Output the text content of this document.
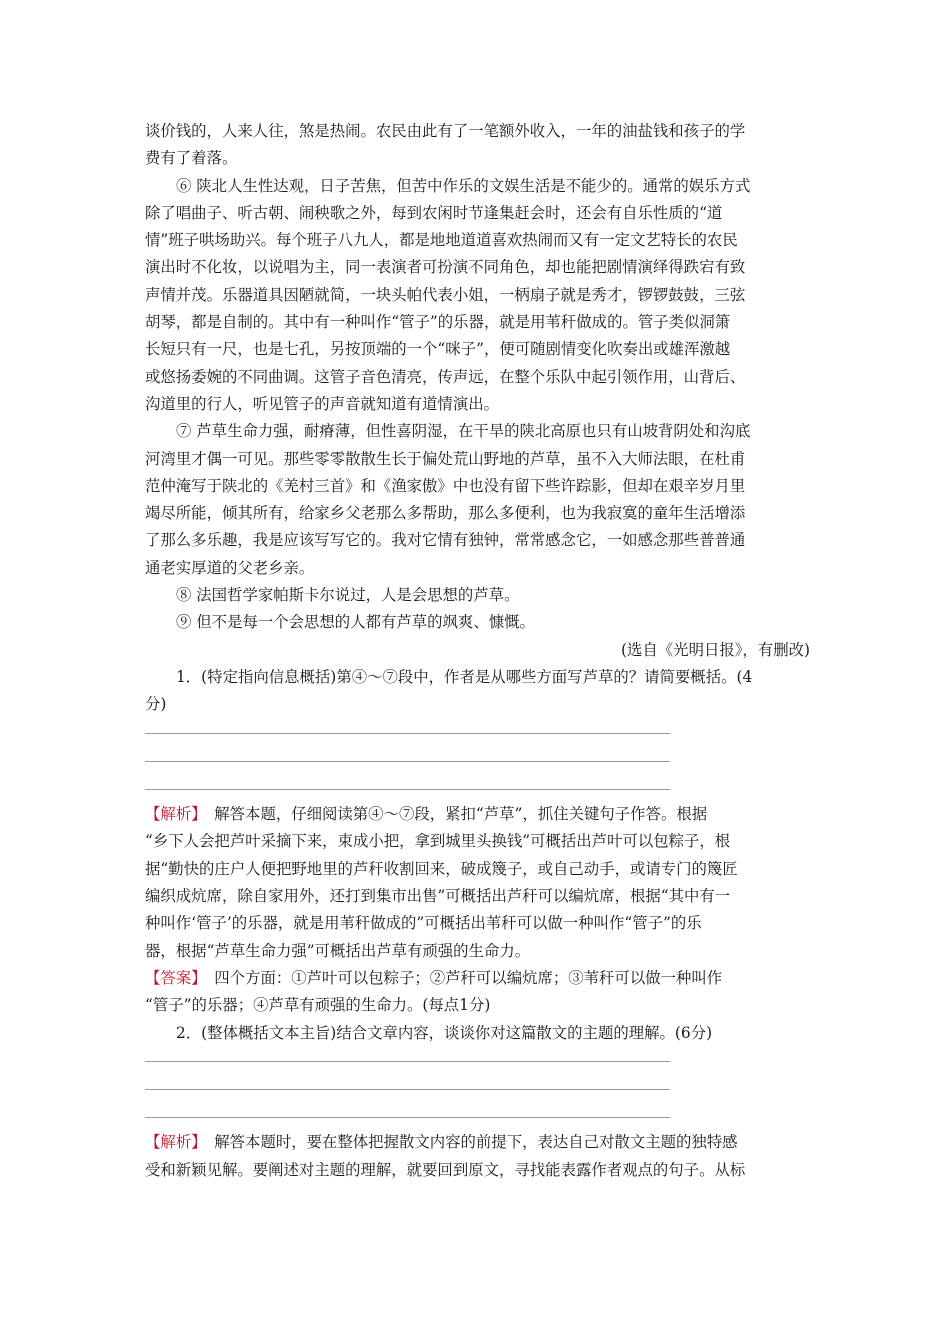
谈价钱的，人来人往，煞是热闹。农民由此有了一笔额外收入，一年的油盐钱和孩子的学
费有了着落。
⑥ 陕北人生性达观，日子苦焦，但苦中作乐的文娱生活是不能少的。通常的娱乐方式
除了唱曲子、听古朝、闹秧歌之外，每到农闲时节逢集赶会时，还会有自乐性质的“道
情”班子哄场助兴。每个班子八九人，都是地地道道喜欢热闹而又有一定文艺特长的农民
演出时不化妆，以说唱为主，同一表演者可扮演不同角色，却也能把剧情演绎得跌宕有致
声情并茂。乐器道具因陋就简，一块头帕代表小姐，一柄扇子就是秀才，锣锣鼓鼓，三弦
胡琴，都是自制的。其中有一种叫作“管子”的乐器，就是用苇秆做成的。管子类似洞箫
长短只有一尺，也是七孔，另按顶端的一个“咪子”，便可随剧情变化吹奏出或雄浑激越
或悠扬委婉的不同曲调。这管子音色清亮，传声远，在整个乐队中起引领作用，山背后、
沟道里的行人，听见管子的声音就知道有道情演出。
⑦ 芦草生命力强，耐瘠薄，但性喜阴湿，在干旱的陕北高原也只有山坡背阴处和沟底
河湾里才偶一可见。那些零零散散生长于偏处荒山野地的芦草，虽不入大师法眼，在杜甫
范仲淹写于陕北的《羌村三首》和《渔家傲》中也没有留下些许踪影，但却在艰辛岁月里
竭尽所能，倾其所有，给家乡父老那么多帮助，那么多便利，也为我寂寞的童年生活增添
了那么多乐趣，我是应该写写它的。我对它情有独钟，常常感念它，一如感念那些普普通
通老实厚道的父老乡亲。
⑧ 法国哲学家帕斯卡尔说过，人是会思想的芦草。
⑨ 但不是每一个会思想的人都有芦草的飒爽、慷慨。
(选自《光明日报》，有删改)
1．(特定指向信息概括)第④～⑦段中，作者是从哪些方面写芦草的？请简要概括。(4
分)
【解析】　解答本题，仔细阅读第④～⑦段，紧扣“芦草”，抓住关键句子作答。根据
“乡下人会把芦叶采摘下来，束成小把，拿到城里头换钱”可概括出芦叶可以包粽子，根
据“勤快的庄户人便把野地里的芦秆收割回来，破成篾子，或自己动手，或请专门的篾匠
编织成炕席，除自家用外，还打到集市出售”可概括出芦秆可以编炕席，根据“其中有一
种叫作‘管子’的乐器，就是用苇秆做成的”可概括出苇秆可以做一种叫作“管子”的乐
器，根据“芦草生命力强”可概括出芦草有顽强的生命力。
【答案】　四个方面：①芦叶可以包粽子；②芦秆可以编炕席；③苇秆可以做一种叫作
“管子”的乐器；④芦草有顽强的生命力。(每点1分)
2．(整体概括文本主旨)结合文章内容，谈谈你对这篇散文的主题的理解。(6分)
【解析】　解答本题时，要在整体把握散文内容的前提下，表达自己对散文主题的独特感
受和新颖见解。要阐述对主题的理解，就要回到原文，寻找能表露作者观点的句子。从标
